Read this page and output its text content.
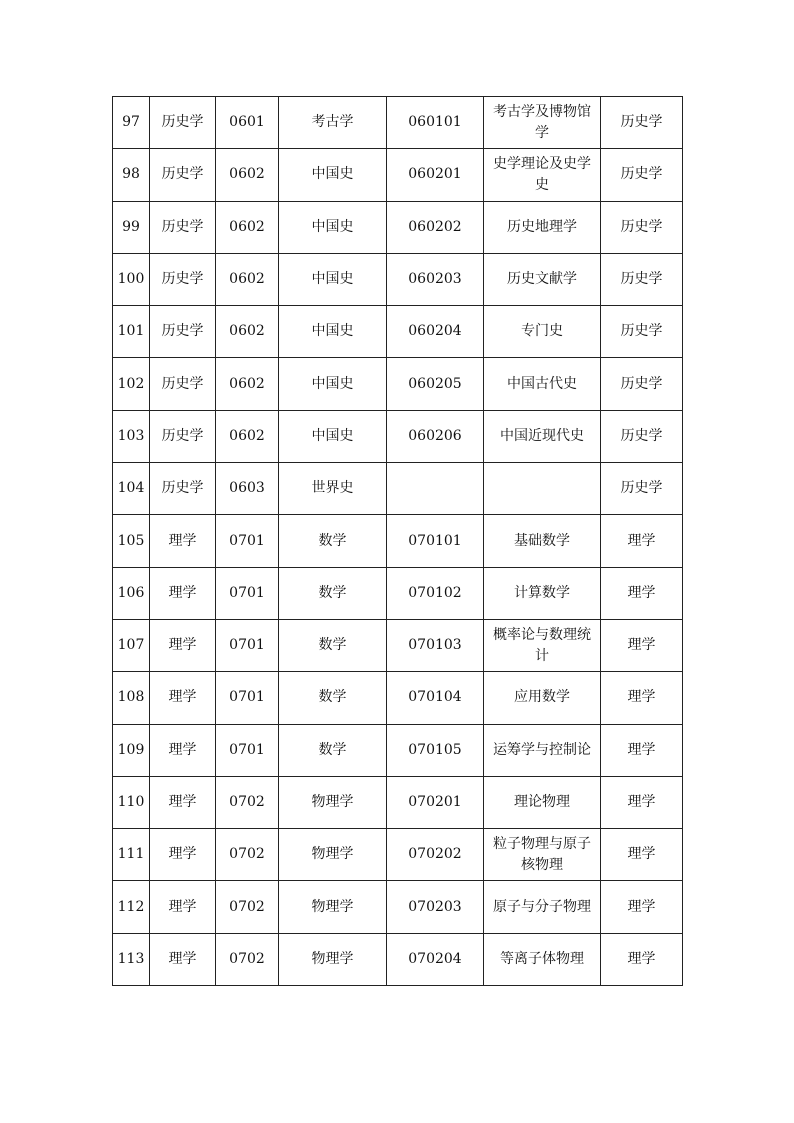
97	历史学	0601	考古学	060101	考古学及博物馆学	历史学
98	历史学	0602	中国史	060201	史学理论及史学史	历史学
99	历史学	0602	中国史	060202	历史地理学	历史学
100	历史学	0602	中国史	060203	历史文献学	历史学
101	历史学	0602	中国史	060204	专门史	历史学
102	历史学	0602	中国史	060205	中国古代史	历史学
103	历史学	0602	中国史	060206	中国近现代史	历史学
104	历史学	0603	世界史			历史学
105	理学	0701	数学	070101	基础数学	理学
106	理学	0701	数学	070102	计算数学	理学
107	理学	0701	数学	070103	概率论与数理统计	理学
108	理学	0701	数学	070104	应用数学	理学
109	理学	0701	数学	070105	运筹学与控制论	理学
110	理学	0702	物理学	070201	理论物理	理学
111	理学	0702	物理学	070202	粒子物理与原子核物理	理学
112	理学	0702	物理学	070203	原子与分子物理	理学
113	理学	0702	物理学	070204	等离子体物理	理学
